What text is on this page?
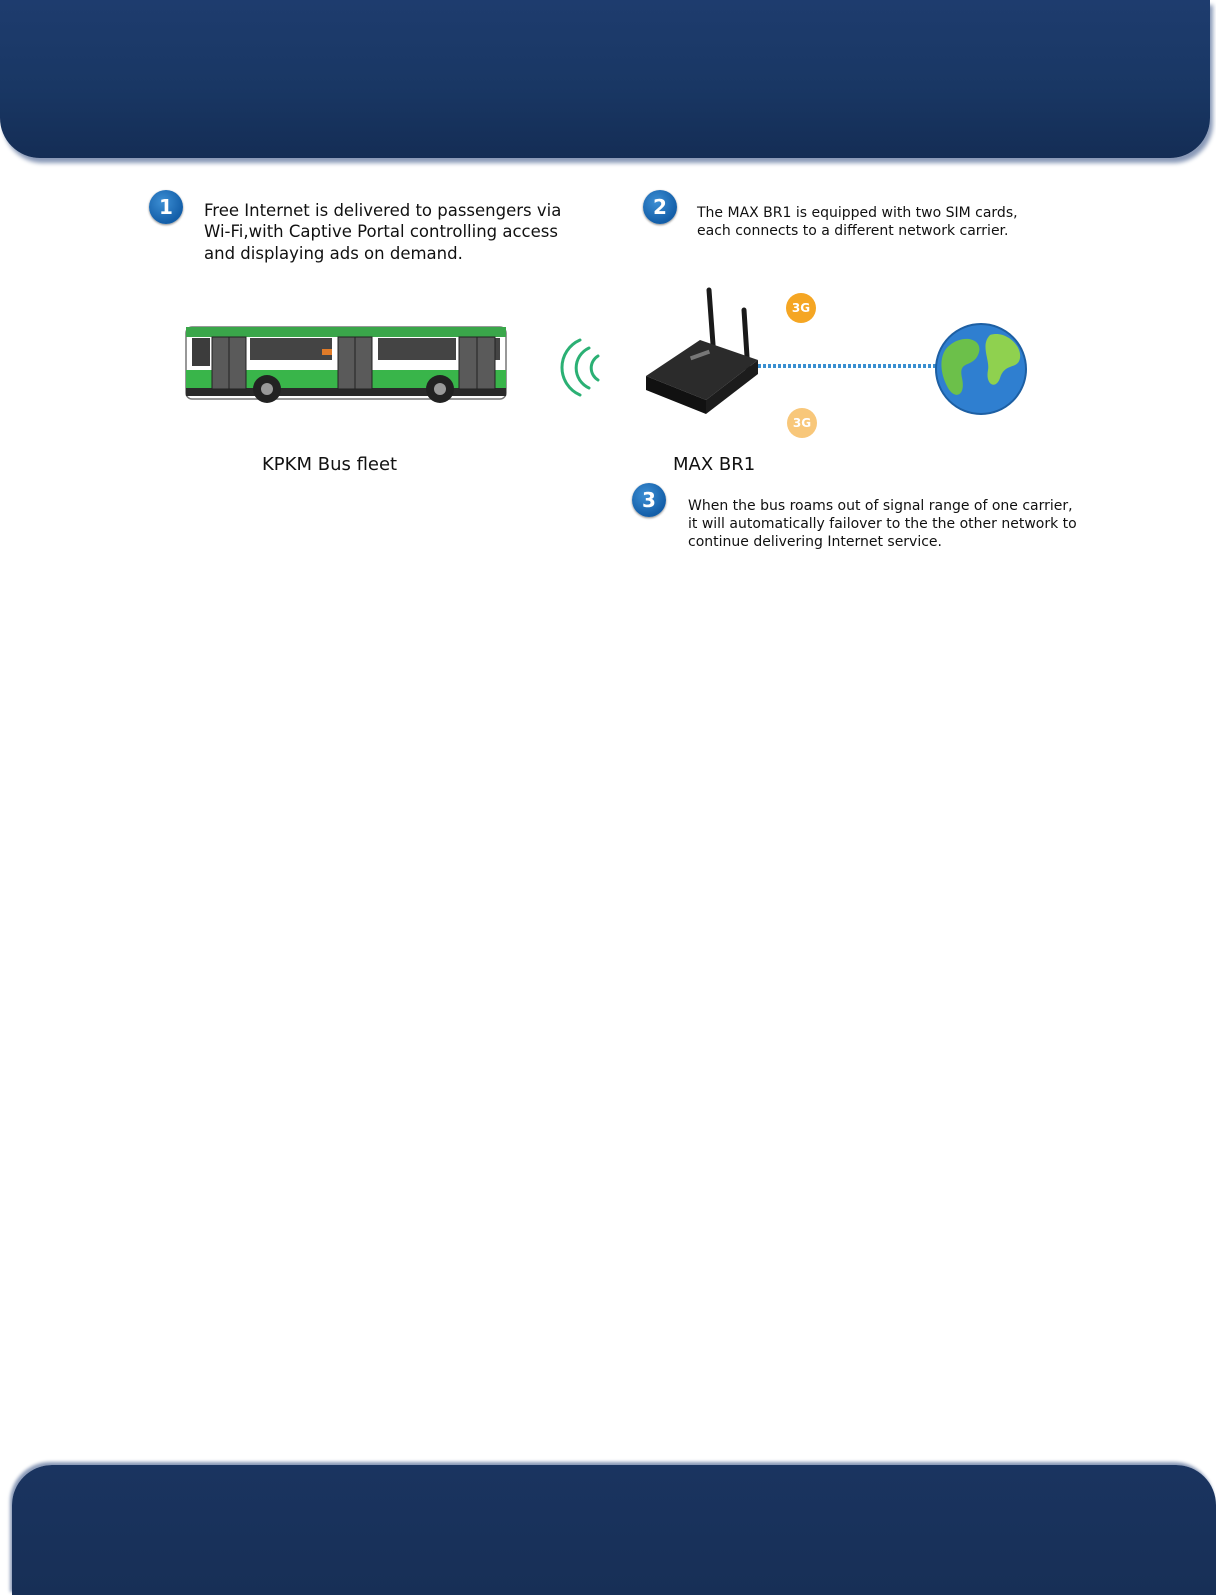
3G
3G
1	2
3
Free Internet is delivered to passengers via Wi-Fi,with Captive Portal controlling access and displaying ads on demand.
The MAX BR1 is equipped with two SIM cards, each connects to a different network carrier.
When the bus roams out of signal range of one carrier, it will automatically failover to the the other network to continue delivering Internet service.
KPKM Bus fleet	MAX BR1
